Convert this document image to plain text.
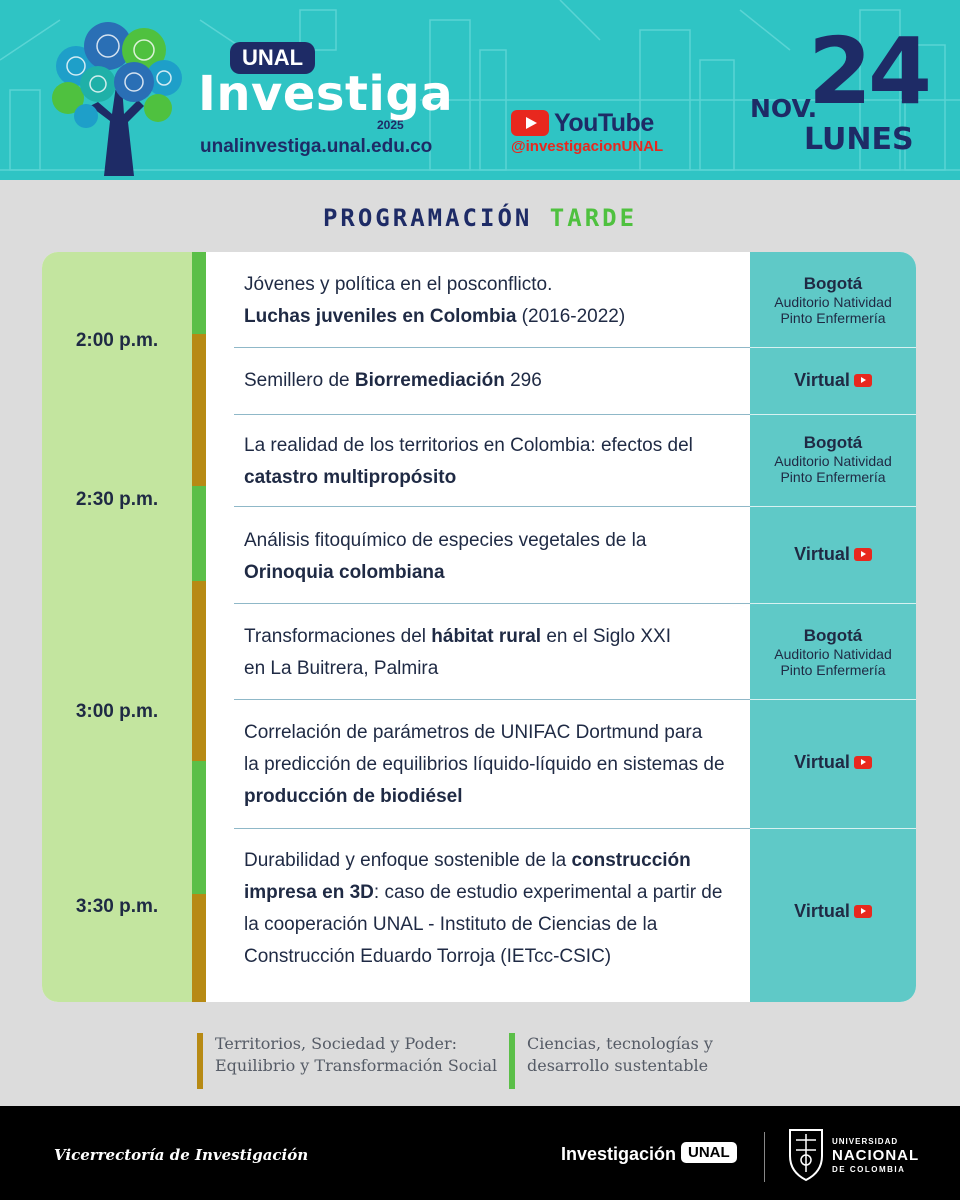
UNAL
Investiga
2025
unalinvestiga.unal.edu.co
YouTube
@investigacionUNAL
NOV.
24
LUNES
PROGRAMACIÓN TARDE
2:00 p.m.
2:30 p.m.
3:00 p.m.
3:30 p.m.
Jóvenes y política en el posconflicto.
Luchas juveniles en Colombia (2016-2022)
Semillero de Biorremediación 296
La realidad de los territorios en Colombia: efectos del
catastro multipropósito
Análisis fitoquímico de especies vegetales de la
Orinoquia colombiana
Transformaciones del hábitat rural en el Siglo XXI
en La Buitrera, Palmira
Correlación de parámetros de UNIFAC Dortmund para
la predicción de equilibrios líquido-líquido en sistemas de
producción de biodiésel
Durabilidad y enfoque sostenible de la construcción
impresa en 3D: caso de estudio experimental a partir de
la cooperación UNAL - Instituto de Ciencias de la
Construcción Eduardo Torroja (IETcc-CSIC)
Bogotá
Auditorio Natividad
Pinto Enfermería
Virtual
Bogotá
Auditorio Natividad
Pinto Enfermería
Virtual
Bogotá
Auditorio Natividad
Pinto Enfermería
Virtual
Virtual
Territorios, Sociedad y Poder:
Equilibrio y Transformación Social
Ciencias, tecnologías y
desarrollo sustentable
Vicerrectoría de Investigación	Investigación UNAL
UNIVERSIDAD
NACIONAL
DE COLOMBIA
